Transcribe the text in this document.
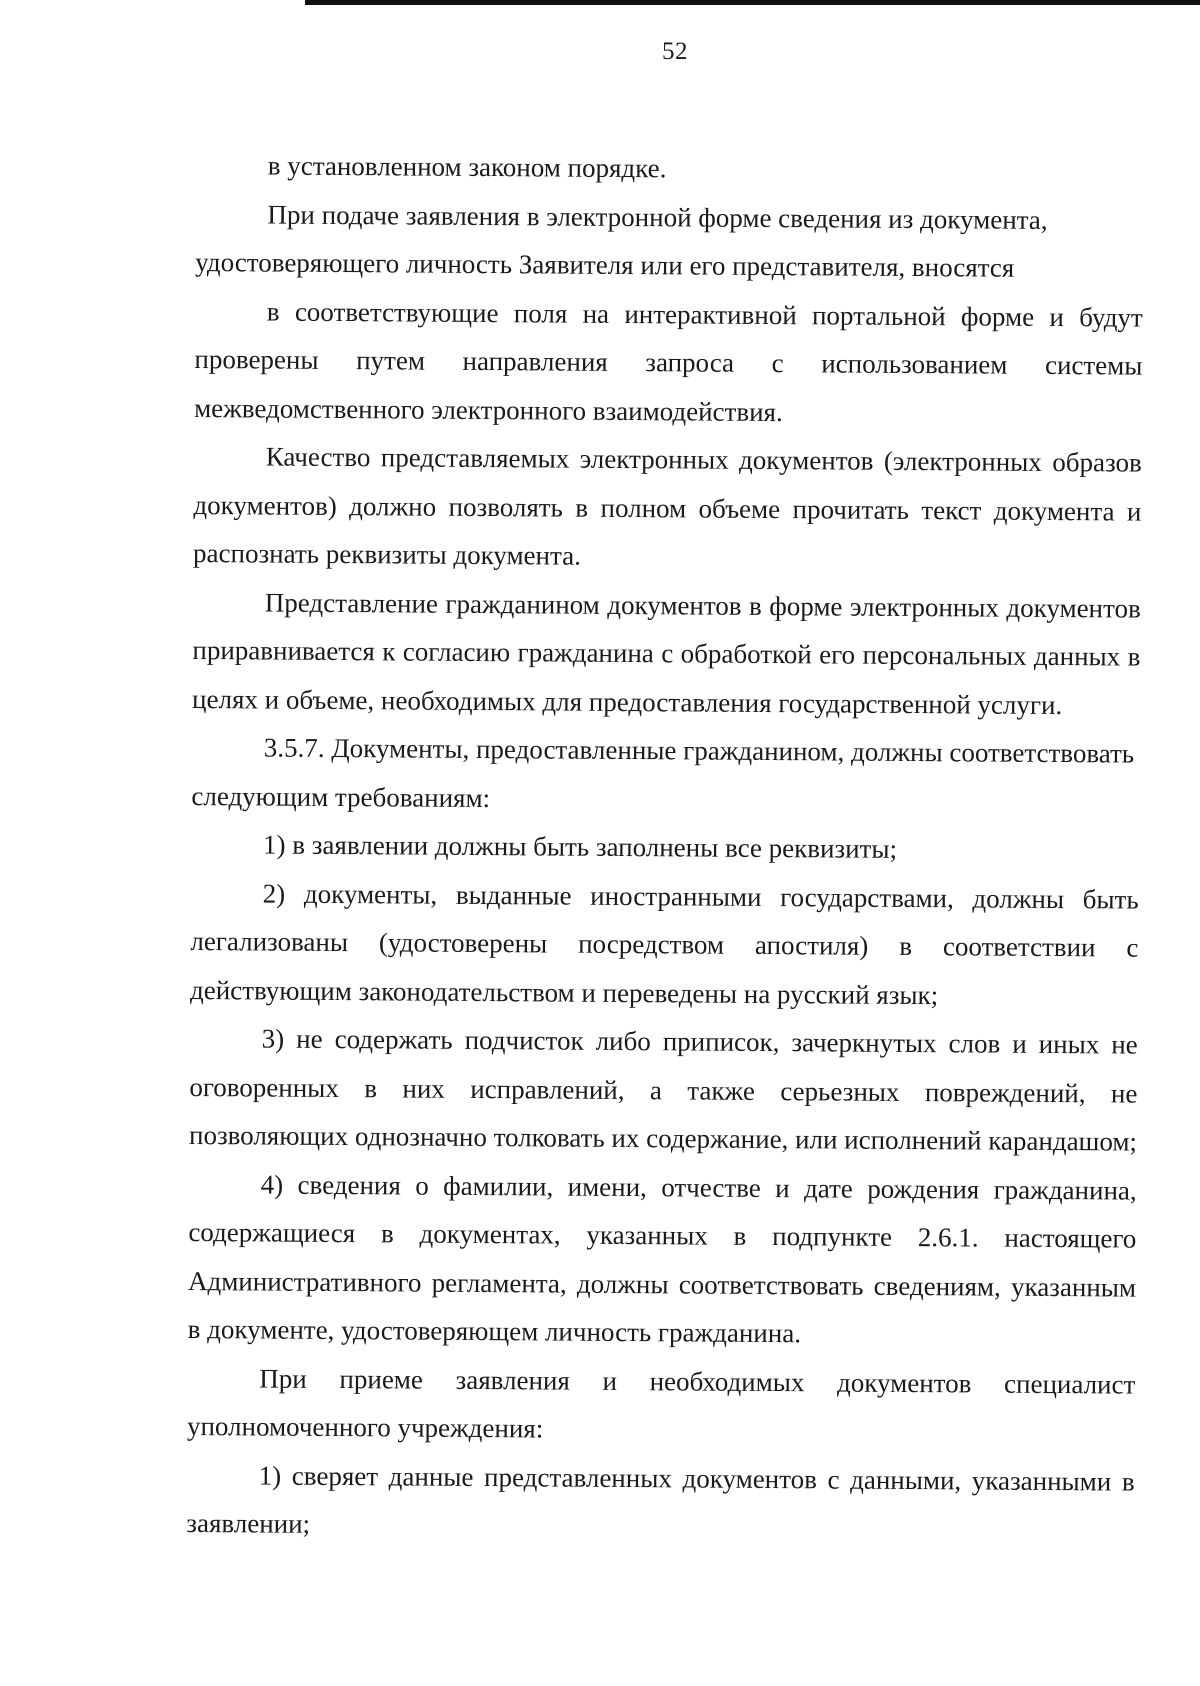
52

в установленном законом порядке.

При подаче заявления в электронной форме сведения из документа, удостоверяющего личность Заявителя или его представителя, вносятся

в соответствующие поля на интерактивной портальной форме и будут проверены путем направления запроса с использованием системы межведомственного электронного взаимодействия.

Качество представляемых электронных документов (электронных образов документов) должно позволять в полном объеме прочитать текст документа и распознать реквизиты документа.

Представление гражданином документов в форме электронных документов приравнивается к согласию гражданина с обработкой его персональных данных в целях и объеме, необходимых для предоставления государственной услуги.

3.5.7. Документы, предоставленные гражданином, должны соответствовать следующим требованиям:

1) в заявлении должны быть заполнены все реквизиты;

2) документы, выданные иностранными государствами, должны быть легализованы (удостоверены посредством апостиля) в соответствии с действующим законодательством и переведены на русский язык;

3) не содержать подчисток либо приписок, зачеркнутых слов и иных не оговоренных в них исправлений, а также серьезных повреждений, не позволяющих однозначно толковать их содержание, или исполнений карандашом;

4) сведения о фамилии, имени, отчестве и дате рождения гражданина, содержащиеся в документах, указанных в подпункте 2.6.1. настоящего Административного регламента, должны соответствовать сведениям, указанным в документе, удостоверяющем личность гражданина.

При приеме заявления и необходимых документов специалист уполномоченного учреждения:

1) сверяет данные представленных документов с данными, указанными в заявлении;
